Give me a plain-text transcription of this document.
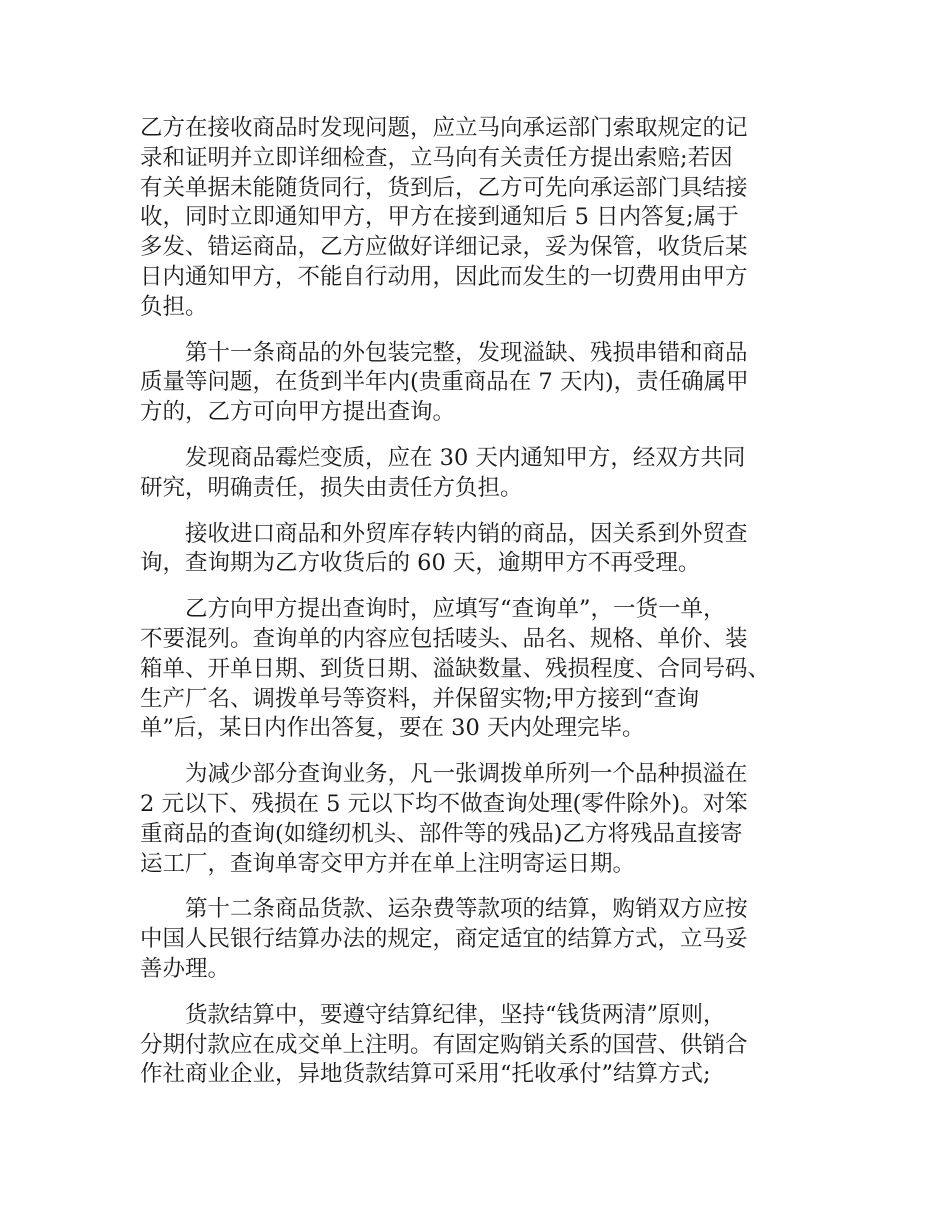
乙方在接收商品时发现问题，应立马向承运部门索取规定的记
录和证明并立即详细检查，立马向有关责任方提出索赔;若因
有关单据未能随货同行，货到后，乙方可先向承运部门具结接
收，同时立即通知甲方，甲方在接到通知后 5 日内答复;属于
多发、错运商品，乙方应做好详细记录，妥为保管，收货后某
日内通知甲方，不能自行动用，因此而发生的一切费用由甲方
负担。

第十一条商品的外包装完整，发现溢缺、残损串错和商品
质量等问题，在货到半年内(贵重商品在 7 天内)，责任确属甲
方的，乙方可向甲方提出查询。

发现商品霉烂变质，应在 30 天内通知甲方，经双方共同
研究，明确责任，损失由责任方负担。

接收进口商品和外贸库存转内销的商品，因关系到外贸查
询，查询期为乙方收货后的 60 天，逾期甲方不再受理。

乙方向甲方提出查询时，应填写“查询单”，一货一单，
不要混列。查询单的内容应包括唛头、品名、规格、单价、装
箱单、开单日期、到货日期、溢缺数量、残损程度、合同号码、
生产厂名、调拨单号等资料，并保留实物;甲方接到“查询
单”后，某日内作出答复，要在 30 天内处理完毕。

为减少部分查询业务，凡一张调拨单所列一个品种损溢在
2 元以下、残损在 5 元以下均不做查询处理(零件除外)。对笨
重商品的查询(如缝纫机头、部件等的残品)乙方将残品直接寄
运工厂，查询单寄交甲方并在单上注明寄运日期。

第十二条商品货款、运杂费等款项的结算，购销双方应按
中国人民银行结算办法的规定，商定适宜的结算方式，立马妥
善办理。

货款结算中，要遵守结算纪律，坚持“钱货两清”原则，
分期付款应在成交单上注明。有固定购销关系的国营、供销合
作社商业企业，异地货款结算可采用“托收承付”结算方式;
